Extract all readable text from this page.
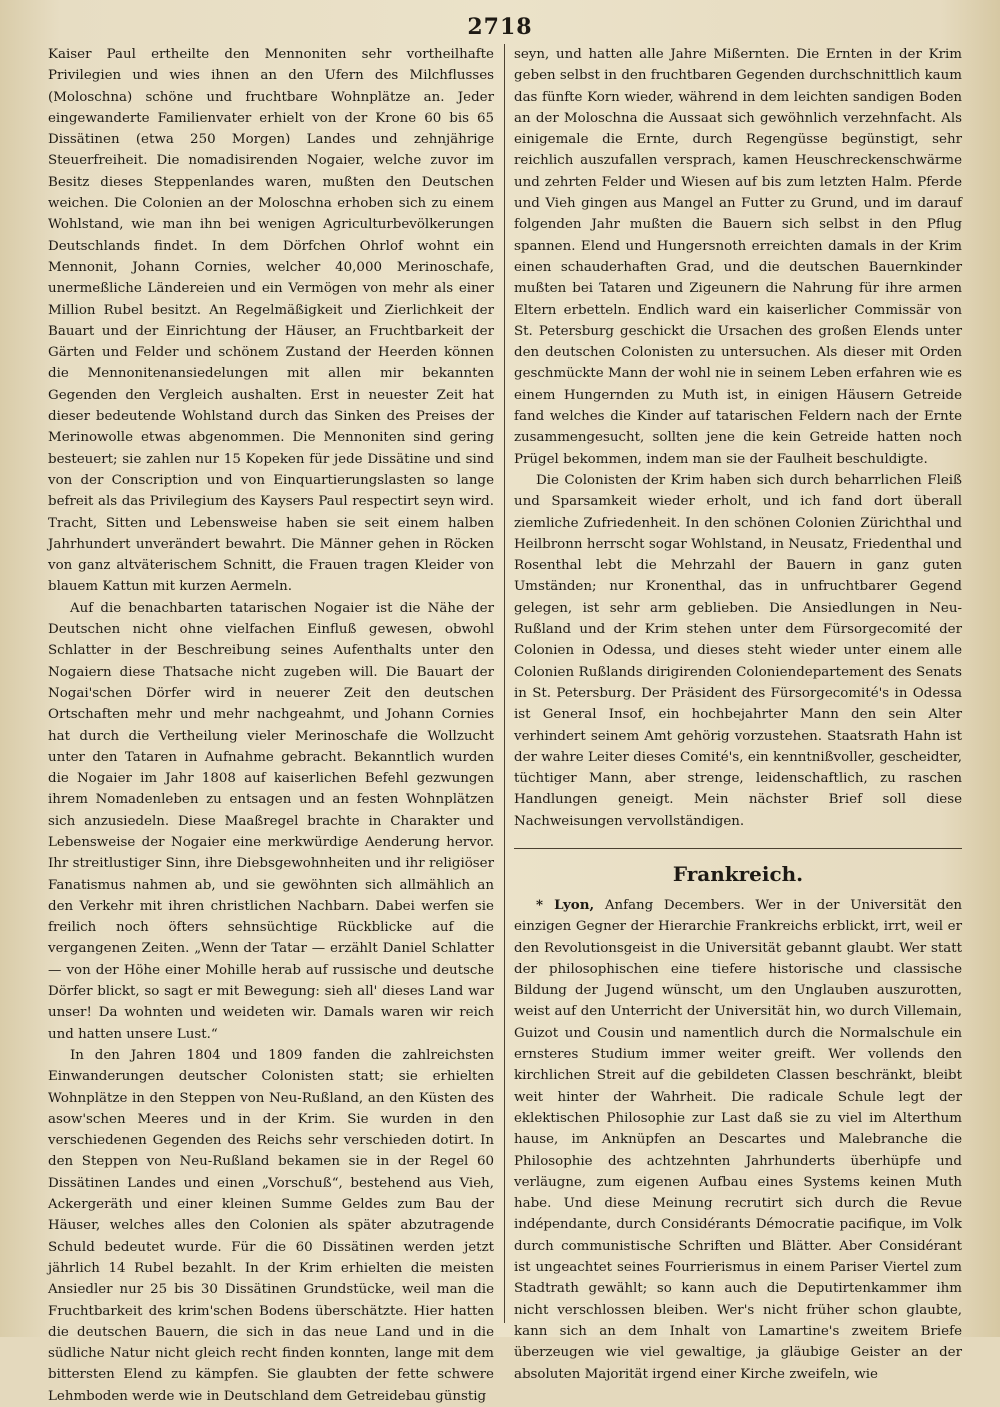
2718

Kaiser Paul ertheilte den Mennoniten sehr vortheilhafte Privilegien und wies ihnen an den Ufern des Milchflusses (Moloschna) schöne und fruchtbare Wohnplätze an. Jeder eingewanderte Familienvater erhielt von der Krone 60 bis 65 Dissätinen (etwa 250 Morgen) Landes und zehnjährige Steuerfreiheit. Die nomadisirenden Nogaier, welche zuvor im Besitz dieses Steppenlandes waren, mußten den Deutschen weichen. Die Colonien an der Moloschna erhoben sich zu einem Wohlstand, wie man ihn bei wenigen Agriculturbevölkerungen Deutschlands findet. In dem Dörfchen Ohrlof wohnt ein Mennonit, Johann Cornies, welcher 40,000 Merinoschafe, unermeßliche Ländereien und ein Vermögen von mehr als einer Million Rubel besitzt. An Regelmäßigkeit und Zierlichkeit der Bauart und der Einrichtung der Häuser, an Fruchtbarkeit der Gärten und Felder und schönem Zustand der Heerden können die Mennonitenansiedelungen mit allen mir bekannten Gegenden den Vergleich aushalten. Erst in neuester Zeit hat dieser bedeutende Wohlstand durch das Sinken des Preises der Merinowolle etwas abgenommen. Die Mennoniten sind gering besteuert; sie zahlen nur 15 Kopeken für jede Dissätine und sind von der Conscription und von Einquartierungslasten so lange befreit als das Privilegium des Kaysers Paul respectirt seyn wird. Tracht, Sitten und Lebensweise haben sie seit einem halben Jahrhundert unverändert bewahrt. Die Männer gehen in Röcken von ganz altväterischem Schnitt, die Frauen tragen Kleider von blauem Kattun mit kurzen Aermeln.

Auf die benachbarten tatarischen Nogaier ist die Nähe der Deutschen nicht ohne vielfachen Einfluß gewesen, obwohl Schlatter in der Beschreibung seines Aufenthalts unter den Nogaiern diese Thatsache nicht zugeben will. Die Bauart der Nogai'schen Dörfer wird in neuerer Zeit den deutschen Ortschaften mehr und mehr nachgeahmt, und Johann Cornies hat durch die Vertheilung vieler Merinoschafe die Wollzucht unter den Tataren in Aufnahme gebracht. Bekanntlich wurden die Nogaier im Jahr 1808 auf kaiserlichen Befehl gezwungen ihrem Nomadenleben zu entsagen und an festen Wohnplätzen sich anzusiedeln. Diese Maaßregel brachte in Charakter und Lebensweise der Nogaier eine merkwürdige Aenderung hervor. Ihr streitlustiger Sinn, ihre Diebsgewohnheiten und ihr religiöser Fanatismus nahmen ab, und sie gewöhnten sich allmählich an den Verkehr mit ihren christlichen Nachbarn. Dabei werfen sie freilich noch öfters sehnsüchtige Rückblicke auf die vergangenen Zeiten. „Wenn der Tatar — erzählt Daniel Schlatter — von der Höhe einer Mohille herab auf russische und deutsche Dörfer blickt, so sagt er mit Bewegung: sieh all' dieses Land war unser! Da wohnten und weideten wir. Damals waren wir reich und hatten unsere Lust.“

In den Jahren 1804 und 1809 fanden die zahlreichsten Einwanderungen deutscher Colonisten statt; sie erhielten Wohnplätze in den Steppen von Neu-Rußland, an den Küsten des asow'schen Meeres und in der Krim. Sie wurden in den verschiedenen Gegenden des Reichs sehr verschieden dotirt. In den Steppen von Neu-Rußland bekamen sie in der Regel 60 Dissätinen Landes und einen „Vorschuß“, bestehend aus Vieh, Ackergeräth und einer kleinen Summe Geldes zum Bau der Häuser, welches alles den Colonien als später abzutragende Schuld bedeutet wurde. Für die 60 Dissätinen werden jetzt jährlich 14 Rubel bezahlt. In der Krim erhielten die meisten Ansiedler nur 25 bis 30 Dissätinen Grundstücke, weil man die Fruchtbarkeit des krim'schen Bodens überschätzte. Hier hatten die deutschen Bauern, die sich in das neue Land und in die südliche Natur nicht gleich recht finden konnten, lange mit dem bittersten Elend zu kämpfen. Sie glaubten der fette schwere Lehmboden werde wie in Deutschland dem Getreidebau günstig

seyn, und hatten alle Jahre Mißernten. Die Ernten in der Krim geben selbst in den fruchtbaren Gegenden durchschnittlich kaum das fünfte Korn wieder, während in dem leichten sandigen Boden an der Moloschna die Aussaat sich gewöhnlich verzehnfacht. Als einigemale die Ernte, durch Regengüsse begünstigt, sehr reichlich auszufallen versprach, kamen Heuschreckenschwärme und zehrten Felder und Wiesen auf bis zum letzten Halm. Pferde und Vieh gingen aus Mangel an Futter zu Grund, und im darauf folgenden Jahr mußten die Bauern sich selbst in den Pflug spannen. Elend und Hungersnoth erreichten damals in der Krim einen schauderhaften Grad, und die deutschen Bauernkinder mußten bei Tataren und Zigeunern die Nahrung für ihre armen Eltern erbetteln. Endlich ward ein kaiserlicher Commissär von St. Petersburg geschickt die Ursachen des großen Elends unter den deutschen Colonisten zu untersuchen. Als dieser mit Orden geschmückte Mann der wohl nie in seinem Leben erfahren wie es einem Hungernden zu Muth ist, in einigen Häusern Getreide fand welches die Kinder auf tatarischen Feldern nach der Ernte zusammengesucht, sollten jene die kein Getreide hatten noch Prügel bekommen, indem man sie der Faulheit beschuldigte.

Die Colonisten der Krim haben sich durch beharrlichen Fleiß und Sparsamkeit wieder erholt, und ich fand dort überall ziemliche Zufriedenheit. In den schönen Colonien Zürichthal und Heilbronn herrscht sogar Wohlstand, in Neusatz, Friedenthal und Rosenthal lebt die Mehrzahl der Bauern in ganz guten Umständen; nur Kronenthal, das in unfruchtbarer Gegend gelegen, ist sehr arm geblieben. Die Ansiedlungen in Neu-Rußland und der Krim stehen unter dem Fürsorgecomité der Colonien in Odessa, und dieses steht wieder unter einem alle Colonien Rußlands dirigirenden Coloniendepartement des Senats in St. Petersburg. Der Präsident des Fürsorgecomité's in Odessa ist General Insof, ein hochbejahrter Mann den sein Alter verhindert seinem Amt gehörig vorzustehen. Staatsrath Hahn ist der wahre Leiter dieses Comité's, ein kenntnißvoller, gescheidter, tüchtiger Mann, aber strenge, leidenschaftlich, zu raschen Handlungen geneigt. Mein nächster Brief soll diese Nachweisungen vervollständigen.

Frankreich.

* Lyon, Anfang Decembers. Wer in der Universität den einzigen Gegner der Hierarchie Frankreichs erblickt, irrt, weil er den Revolutionsgeist in die Universität gebannt glaubt. Wer statt der philosophischen eine tiefere historische und classische Bildung der Jugend wünscht, um den Unglauben auszurotten, weist auf den Unterricht der Universität hin, wo durch Villemain, Guizot und Cousin und namentlich durch die Normalschule ein ernsteres Studium immer weiter greift. Wer vollends den kirchlichen Streit auf die gebildeten Classen beschränkt, bleibt weit hinter der Wahrheit. Die radicale Schule legt der eklektischen Philosophie zur Last daß sie zu viel im Alterthum hause, im Anknüpfen an Descartes und Malebranche die Philosophie des achtzehnten Jahrhunderts überhüpfe und verläugne, zum eigenen Aufbau eines Systems keinen Muth habe. Und diese Meinung recrutirt sich durch die Revue indépendante, durch Considérants Démocratie pacifique, im Volk durch communistische Schriften und Blätter. Aber Considérant ist ungeachtet seines Fourrierismus in einem Pariser Viertel zum Stadtrath gewählt; so kann auch die Deputirtenkammer ihm nicht verschlossen bleiben. Wer's nicht früher schon glaubte, kann sich an dem Inhalt von Lamartine's zweitem Briefe überzeugen wie viel gewaltige, ja gläubige Geister an der absoluten Majorität irgend einer Kirche zweifeln, wie
